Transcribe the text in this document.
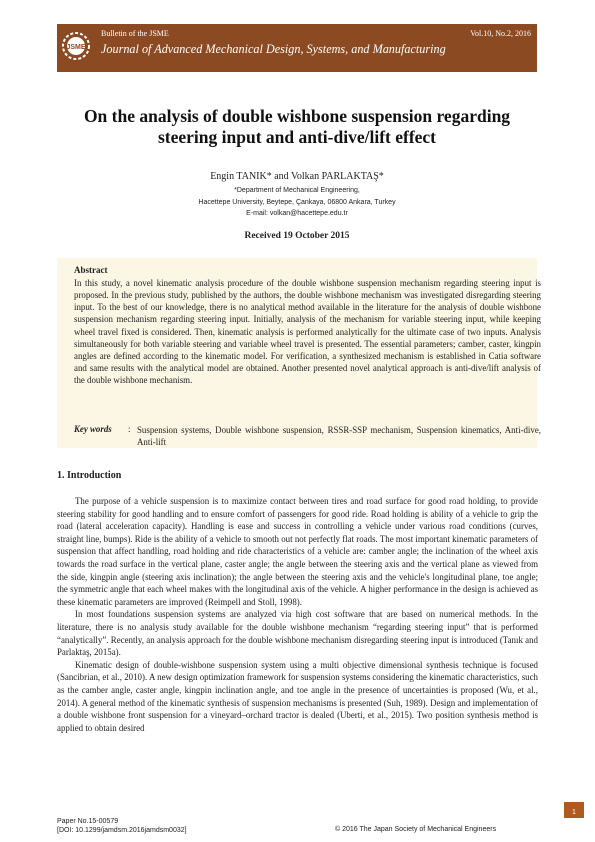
JSME
Bulletin of the JSME	Vol.10, No.2, 2016
Journal of Advanced Mechanical Design, Systems, and Manufacturing
On the analysis of double wishbone suspension regarding
steering input and anti-dive/lift effect
Engin TANIK* and Volkan PARLAKTAŞ*
*Department of Mechanical Engineering,
Hacettepe University, Beytepe, Çankaya, 06800 Ankara, Turkey
E-mail: volkan@hacettepe.edu.tr
Received 19 October 2015
Abstract

In this study, a novel kinematic analysis procedure of the double wishbone suspension mechanism regarding steering input is proposed. In the previous study, published by the authors, the double wishbone mechanism was investigated disregarding steering input. To the best of our knowledge, there is no analytical method available in the literature for the analysis of double wishbone suspension mechanism regarding steering input. Initially, analysis of the mechanism for variable steering input, while keeping wheel travel fixed is considered. Then, kinematic analysis is performed analytically for the ultimate case of two inputs. Analysis simultaneously for both variable steering and variable wheel travel is presented. The essential parameters; camber, caster, kingpin angles are defined according to the kinematic model. For verification, a synthesized mechanism is established in Catia software and same results with the analytical model are obtained. Another presented novel analytical approach is anti-dive/lift analysis of the double wishbone mechanism.

Key words : Suspension systems, Double wishbone suspension, RSSR-SSP mechanism, Suspension kinematics, Anti-dive, Anti-lift

1. Introduction

The purpose of a vehicle suspension is to maximize contact between tires and road surface for good road holding, to provide steering stability for good handling and to ensure comfort of passengers for good ride. Road holding is ability of a vehicle to grip the road (lateral acceleration capacity). Handling is ease and success in controlling a vehicle under various road conditions (curves, straight line, bumps). Ride is the ability of a vehicle to smooth out not perfectly flat roads. The most important kinematic parameters of suspension that affect handling, road holding and ride characteristics of a vehicle are: camber angle; the inclination of the wheel axis towards the road surface in the vertical plane, caster angle; the angle between the steering axis and the vertical plane as viewed from the side, kingpin angle (steering axis inclination); the angle between the steering axis and the vehicle's longitudinal plane, toe angle; the symmetric angle that each wheel makes with the longitudinal axis of the vehicle. A higher performance in the design is achieved as these kinematic parameters are improved (Reimpell and Stoll, 1998).

In most foundations suspension systems are analyzed via high cost software that are based on numerical methods. In the literature, there is no analysis study available for the double wishbone mechanism “regarding steering input” that is performed “analytically”. Recently, an analysis approach for the double wishbone mechanism disregarding steering input is introduced (Tanık and Parlaktaş, 2015a).

Kinematic design of double-wishbone suspension system using a multi objective dimensional synthesis technique is focused (Sancibrian, et al., 2010). A new design optimization framework for suspension systems considering the kinematic characteristics, such as the camber angle, caster angle, kingpin inclination angle, and toe angle in the presence of uncertainties is proposed (Wu, et al., 2014). A general method of the kinematic synthesis of suspension mechanisms is presented (Suh, 1989). Design and implementation of a double wishbone front suspension for a vineyard–orchard tractor is dealed (Uberti, et al., 2015). Two position synthesis method is applied to obtain desired

Paper No.15-00579
[DOI: 10.1299/jamdsm.2016jamdsm0032]	© 2016 The Japan Society of Mechanical Engineers
1
